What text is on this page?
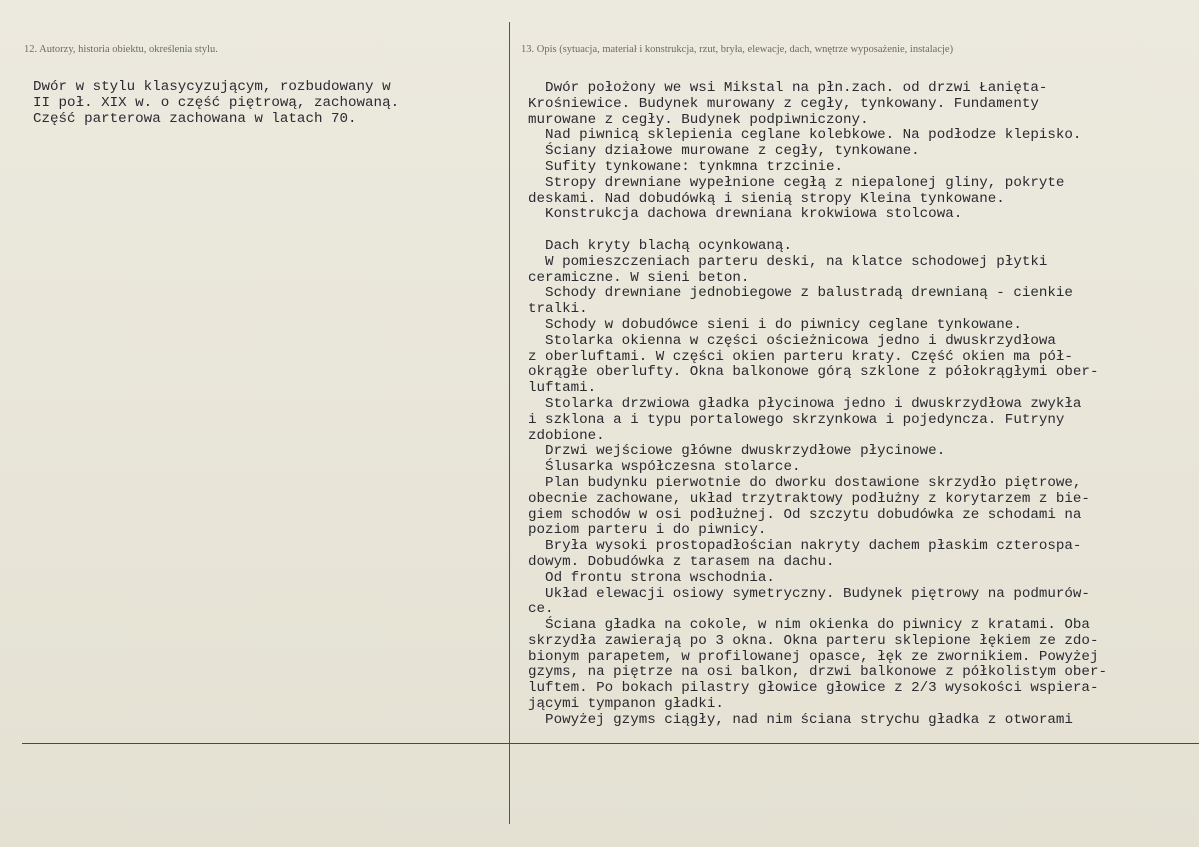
12. Autorzy, historia obiektu, określenia stylu.	13. Opis (sytuacja, materiał i konstrukcja, rzut, bryła, elewacje, dach, wnętrze wyposażenie, instalacje)
Dwór w stylu klasycyzującym, rozbudowany w
II poł. XIX w. o część piętrową, zachowaną.
Część parterowa zachowana w latach 70.
Dwór położony we wsi Mikstal na płn.zach. od drzwi Łanięta-
Krośniewice. Budynek murowany z cegły, tynkowany. Fundamenty
murowane z cegły. Budynek podpiwniczony.
Nad piwnicą sklepienia ceglane kolebkowe. Na podłodze klepisko.
Ściany działowe murowane z cegły, tynkowane.
Sufity tynkowane: tynkmna trzcinie.
Stropy drewniane wypełnione cegłą z niepalonej gliny, pokryte
deskami. Nad dobudówką i sienią stropy Kleina tynkowane.
Konstrukcja dachowa drewniana krokwiowa stolcowa.

Dach kryty blachą ocynkowaną.
W pomieszczeniach parteru deski, na klatce schodowej płytki
ceramiczne. W sieni beton.
Schody drewniane jednobiegowe z balustradą drewnianą - cienkie
tralki.
Schody w dobudówce sieni i do piwnicy ceglane tynkowane.
Stolarka okienna w części ościeżnicowa jedno i dwuskrzydłowa
z oberluftami. W części okien parteru kraty. Część okien ma pół-
okrągłe oberlufty. Okna balkonowe górą szklone z półokrągłymi ober-
luftami.
Stolarka drzwiowa gładka płycinowa jedno i dwuskrzydłowa zwykła
i szklona a i typu portalowego skrzynkowa i pojedyncza. Futryny
zdobione.
Drzwi wejściowe główne dwuskrzydłowe płycinowe.
Ślusarka współczesna stolarce.
Plan budynku pierwotnie do dworku dostawione skrzydło piętrowe,
obecnie zachowane, układ trzytraktowy podłużny z korytarzem z bie-
giem schodów w osi podłużnej. Od szczytu dobudówka ze schodami na
poziom parteru i do piwnicy.
Bryła wysoki prostopadłościan nakryty dachem płaskim czterospa-
dowym. Dobudówka z tarasem na dachu.
Od frontu strona wschodnia.
Układ elewacji osiowy symetryczny. Budynek piętrowy na podmurów-
ce.
Ściana gładka na cokole, w nim okienka do piwnicy z kratami. Oba
skrzydła zawierają po 3 okna. Okna parteru sklepione łękiem ze zdo-
bionym parapetem, w profilowanej opasce, łęk ze zwornikiem. Powyżej
gzyms, na piętrze na osi balkon, drzwi balkonowe z półkolistym ober-
luftem. Po bokach pilastry głowice głowice z 2/3 wysokości wspiera-
jącymi tympanon gładki.
Powyżej gzyms ciągły, nad nim ściana strychu gładka z otworami
